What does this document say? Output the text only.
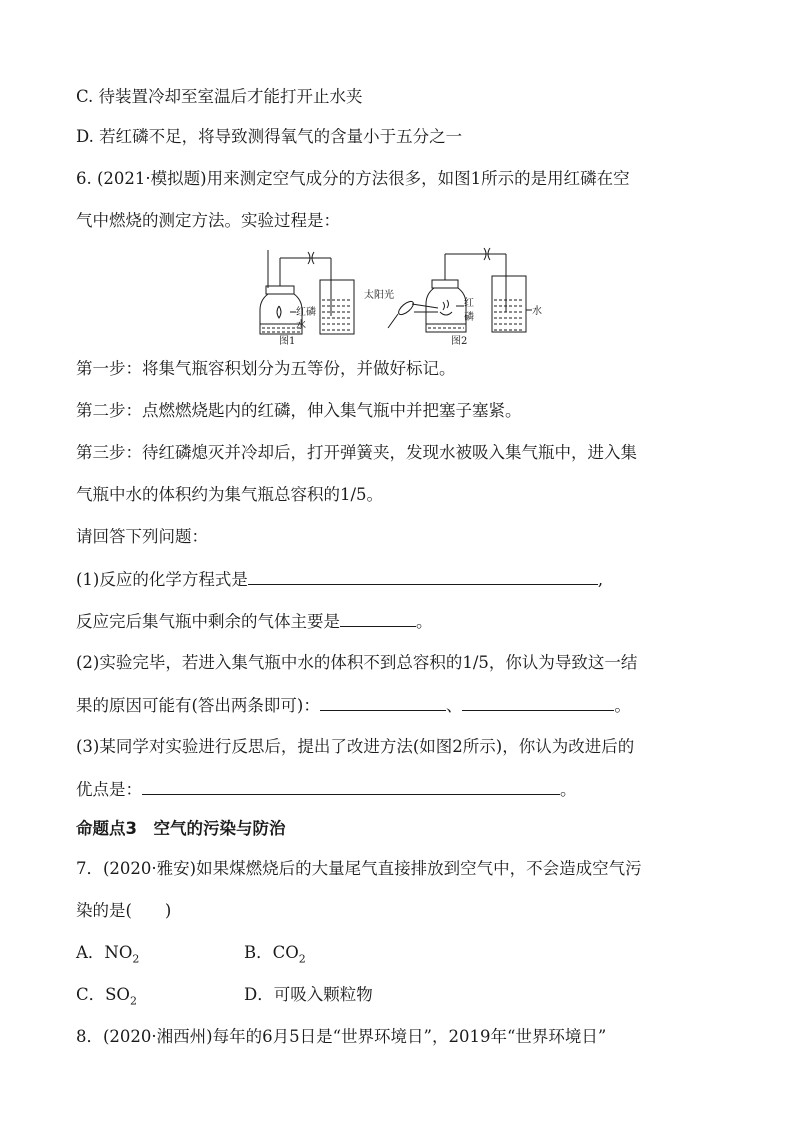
C. 待装置冷却至室温后才能打开止水夹
D. 若红磷不足，将导致测得氧气的含量小于五分之一
6. (2021·模拟题)用来测定空气成分的方法很多，如图1所示的是用红磷在空
气中燃烧的测定方法。实验过程是：
红磷
水
图1
太阳光
红
磷
水
图2
第一步：将集气瓶容积划分为五等份，并做好标记。
第二步：点燃燃烧匙内的红磷，伸入集气瓶中并把塞子塞紧。
第三步：待红磷熄灭并冷却后，打开弹簧夹，发现水被吸入集气瓶中，进入集
气瓶中水的体积约为集气瓶总容积的1/5。
请回答下列问题：
(1)反应的化学方程式是	,
反应完后集气瓶中剩余的气体主要是	。
(2)实验完毕，若进入集气瓶中水的体积不到总容积的1/5，你认为导致这一结
果的原因可能有(答出两条即可)：	、	。
(3)某同学对实验进行反思后，提出了改进方法(如图2所示)，你认为改进后的
优点是：	。
命题点3　空气的污染与防治
7．(2020·雅安)如果煤燃烧后的大量尾气直接排放到空气中，不会造成空气污
染的是(　　)
A．$NO_2$	B．$CO_2$
C．$SO_2$	D．可吸入颗粒物
8．(2020·湘西州)每年的6月5日是“世界环境日”，2019年“世界环境日”
